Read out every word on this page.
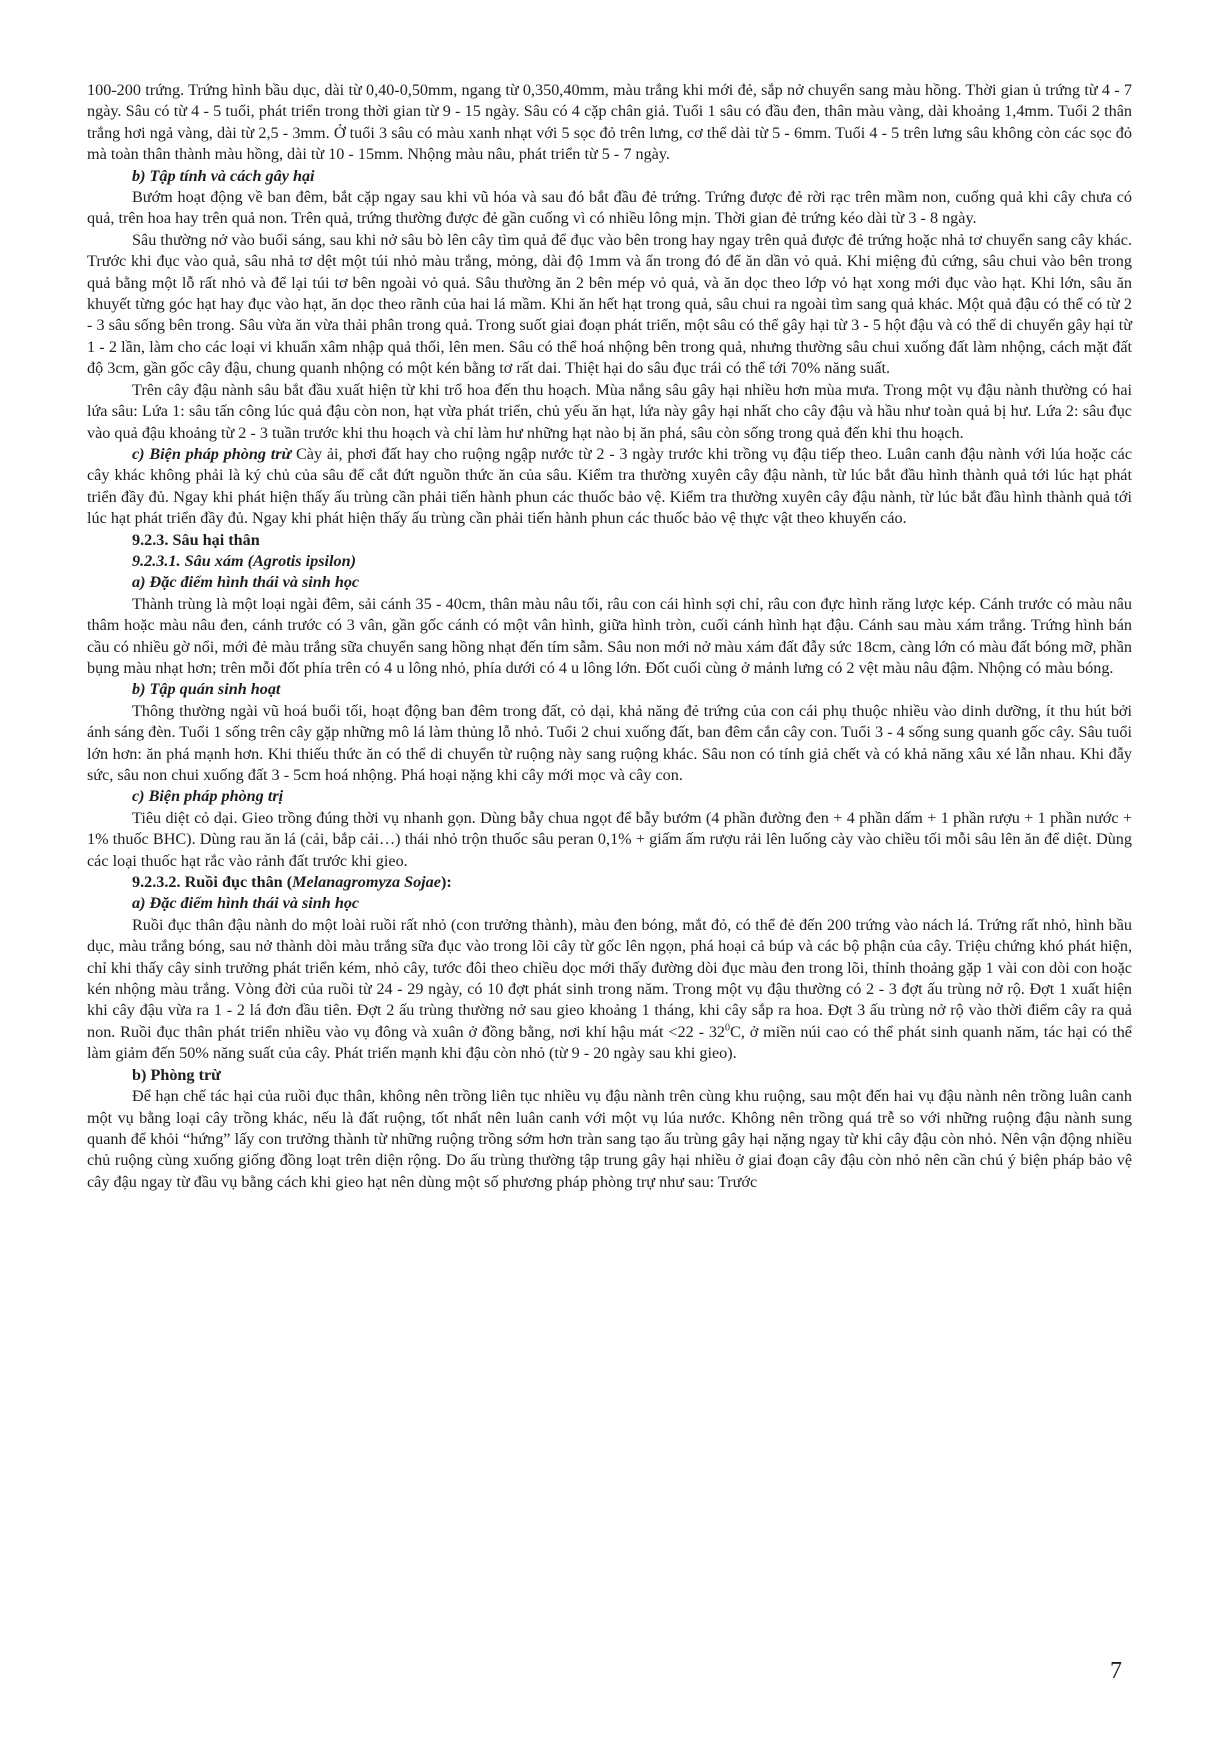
100-200 trứng. Trứng hình bầu dục, dài từ 0,40-0,50mm, ngang từ 0,350,40mm, màu trắng khi mới đẻ, sắp nở chuyển sang màu hồng. Thời gian ủ trứng từ 4 - 7 ngày. Sâu có từ 4 - 5 tuổi, phát triển trong thời gian từ 9 - 15 ngày. Sâu có 4 cặp chân giả. Tuổi 1 sâu có đầu đen, thân màu vàng, dài khoảng 1,4mm. Tuổi 2 thân trắng hơi ngả vàng, dài từ 2,5 - 3mm. Ở tuổi 3 sâu có màu xanh nhạt với 5 sọc đỏ trên lưng, cơ thể dài từ 5 - 6mm. Tuổi 4 - 5 trên lưng sâu không còn các sọc đỏ mà toàn thân thành màu hồng, dài từ 10 - 15mm. Nhộng màu nâu, phát triển từ 5 - 7 ngày.

b) Tập tính và cách gây hại

Bướm hoạt động về ban đêm, bắt cặp ngay sau khi vũ hóa và sau đó bắt đầu đẻ trứng. Trứng được đẻ rời rạc trên mầm non, cuống quả khi cây chưa có quả, trên hoa hay trên quả non. Trên quả, trứng thường được đẻ gần cuống vì có nhiều lông mịn. Thời gian đẻ trứng kéo dài từ 3 - 8 ngày.

Sâu thường nở vào buổi sáng, sau khi nở sâu bò lên cây tìm quả để đục vào bên trong hay ngay trên quả được đẻ trứng hoặc nhả tơ chuyển sang cây khác. Trước khi đục vào quả, sâu nhả tơ dệt một túi nhỏ màu trắng, mỏng, dài độ 1mm và ẩn trong đó để ăn dần vỏ quả. Khi miệng đủ cứng, sâu chui vào bên trong quả bằng một lỗ rất nhỏ và để lại túi tơ bên ngoài vỏ quả. Sâu thường ăn 2 bên mép vỏ quả, và ăn dọc theo lớp vỏ hạt xong mới đục vào hạt. Khi lớn, sâu ăn khuyết từng góc hạt hay đục vào hạt, ăn dọc theo rãnh của hai lá mầm. Khi ăn hết hạt trong quả, sâu chui ra ngoài tìm sang quả khác. Một quả đậu có thể có từ 2 - 3 sâu sống bên trong. Sâu vừa ăn vừa thải phân trong quả. Trong suốt giai đoạn phát triển, một sâu có thể gây hại từ 3 - 5 hột đậu và có thể di chuyển gây hại từ 1 - 2 lần, làm cho các loại vi khuẩn xâm nhập quả thối, lên men. Sâu có thể hoá nhộng bên trong quả, nhưng thường sâu chui xuống đất làm nhộng, cách mặt đất độ 3cm, gần gốc cây đậu, chung quanh nhộng có một kén bằng tơ rất dai. Thiệt hại do sâu đục trái có thể tới 70% năng suất.

Trên cây đậu nành sâu bắt đầu xuất hiện từ khi trổ hoa đến thu hoạch. Mùa nắng sâu gây hại nhiều hơn mùa mưa. Trong một vụ đậu nành thường có hai lứa sâu: Lứa 1: sâu tấn công lúc quả đậu còn non, hạt vừa phát triển, chủ yếu ăn hạt, lứa này gây hại nhất cho cây đậu và hầu như toàn quả bị hư. Lứa 2: sâu đục vào quả đậu khoảng từ 2 - 3 tuần trước khi thu hoạch và chỉ làm hư những hạt nào bị ăn phá, sâu còn sống trong quả đến khi thu hoạch.

c) Biện pháp phòng trừ Cày ải, phơi đất hay cho ruộng ngập nước từ 2 - 3 ngày trước khi trồng vụ đậu tiếp theo. Luân canh đậu nành với lúa hoặc các cây khác không phải là ký chủ của sâu để cắt đứt nguồn thức ăn của sâu. Kiểm tra thường xuyên cây đậu nành, từ lúc bắt đầu hình thành quả tới lúc hạt phát triển đầy đủ. Ngay khi phát hiện thấy ấu trùng cần phải tiến hành phun các thuốc bảo vệ. Kiểm tra thường xuyên cây đậu nành, từ lúc bắt đầu hình thành quả tới lúc hạt phát triển đầy đủ. Ngay khi phát hiện thấy ấu trùng cần phải tiến hành phun các thuốc bảo vệ thực vật theo khuyến cáo.

9.2.3. Sâu hại thân

9.2.3.1. Sâu xám (Agrotis ipsilon)

a) Đặc điểm hình thái và sinh học

Thành trùng là một loại ngài đêm, sải cánh 35 - 40cm, thân màu nâu tối, râu con cái hình sợi chỉ, râu con đực hình răng lược kép. Cánh trước có màu nâu thâm hoặc màu nâu đen, cánh trước có 3 vân, gần gốc cánh có một vân hình, giữa hình tròn, cuối cánh hình hạt đậu. Cánh sau màu xám trắng. Trứng hình bán cầu có nhiều gờ nổi, mới đẻ màu trắng sữa chuyển sang hồng nhạt đến tím sẫm. Sâu non mới nở màu xám đất đẫy sức 18cm, càng lớn có màu đất bóng mỡ, phần bụng màu nhạt hơn; trên mỗi đốt phía trên có 4 u lông nhỏ, phía dưới có 4 u lông lớn. Đốt cuối cùng ở mảnh lưng có 2 vệt màu nâu đậm. Nhộng có màu bóng.

b) Tập quán sinh hoạt

Thông thường ngài vũ hoá buổi tối, hoạt động ban đêm trong đất, cỏ dại, khả năng đẻ trứng của con cái phụ thuộc nhiều vào dinh dưỡng, ít thu hút bởi ánh sáng đèn. Tuổi 1 sống trên cây gặp những mô lá làm thủng lỗ nhỏ. Tuổi 2 chui xuống đất, ban đêm cắn cây con. Tuổi 3 - 4 sống sung quanh gốc cây. Sâu tuổi lớn hơn: ăn phá mạnh hơn. Khi thiếu thức ăn có thể di chuyển từ ruộng này sang ruộng khác. Sâu non có tính giả chết và có khả năng xâu xé lẫn nhau. Khi đẫy sức, sâu non chui xuống đất 3 - 5cm hoá nhộng. Phá hoại nặng khi cây mới mọc và cây con.

c) Biện pháp phòng trị

Tiêu diệt cỏ dại. Gieo trồng đúng thời vụ nhanh gọn. Dùng bẫy chua ngọt để bẫy bướm (4 phần đường đen + 4 phần dấm + 1 phần rượu + 1 phần nước + 1% thuốc BHC). Dùng rau ăn lá (cải, bắp cải…) thái nhỏ trộn thuốc sâu peran 0,1% + giấm ấm rượu rải lên luống cày vào chiều tối mỗi sâu lên ăn để diệt. Dùng các loại thuốc hạt rắc vào rảnh đất trước khi gieo.

9.2.3.2. Ruồi đục thân (Melanagromyza Sojae):

a) Đặc điểm hình thái và sinh học

Ruồi đục thân đậu nành do một loài ruồi rất nhỏ (con trưởng thành), màu đen bóng, mắt đỏ, có thể đẻ đến 200 trứng vào nách lá. Trứng rất nhỏ, hình bầu dục, màu trắng bóng, sau nở thành dòi màu trắng sữa đục vào trong lõi cây từ gốc lên ngọn, phá hoại cả búp và các bộ phận của cây. Triệu chứng khó phát hiện, chỉ khi thấy cây sinh trưởng phát triển kém, nhỏ cây, tước đôi theo chiều dọc mới thấy đường dòi đục màu đen trong lõi, thỉnh thoảng gặp 1 vài con dòi con hoặc kén nhộng màu trắng. Vòng đời của ruồi từ 24 - 29 ngày, có 10 đợt phát sinh trong năm. Trong một vụ đậu thường có 2 - 3 đợt ấu trùng nở rộ. Đợt 1 xuất hiện khi cây đậu vừa ra 1 - 2 lá đơn đầu tiên. Đợt 2 ấu trùng thường nở sau gieo khoảng 1 tháng, khi cây sắp ra hoa. Đợt 3 ấu trùng nở rộ vào thời điểm cây ra quả non. Ruồi đục thân phát triển nhiều vào vụ đông và xuân ở đồng bằng, nơi khí hậu mát $<22 - 32^0C$, ở miền núi cao có thể phát sinh quanh năm, tác hại có thể làm giảm đến 50% năng suất của cây. Phát triển mạnh khi đậu còn nhỏ (từ 9 - 20 ngày sau khi gieo).

b) Phòng trừ

Để hạn chế tác hại của ruồi đục thân, không nên trồng liên tục nhiều vụ đậu nành trên cùng khu ruộng, sau một đến hai vụ đậu nành nên trồng luân canh một vụ bằng loại cây trồng khác, nếu là đất ruộng, tốt nhất nên luân canh với một vụ lúa nước. Không nên trồng quá trễ so với những ruộng đậu nành sung quanh để khỏi “hứng” lấy con trưởng thành từ những ruộng trồng sớm hơn tràn sang tạo ấu trùng gây hại nặng ngay từ khi cây đậu còn nhỏ. Nên vận động nhiều chủ ruộng cùng xuống giống đồng loạt trên diện rộng. Do ấu trùng thường tập trung gây hại nhiều ở giai đoạn cây đậu còn nhỏ nên cần chú ý biện pháp bảo vệ cây đậu ngay từ đầu vụ bằng cách khi gieo hạt nên dùng một số phương pháp phòng trự như sau: Trước

7
